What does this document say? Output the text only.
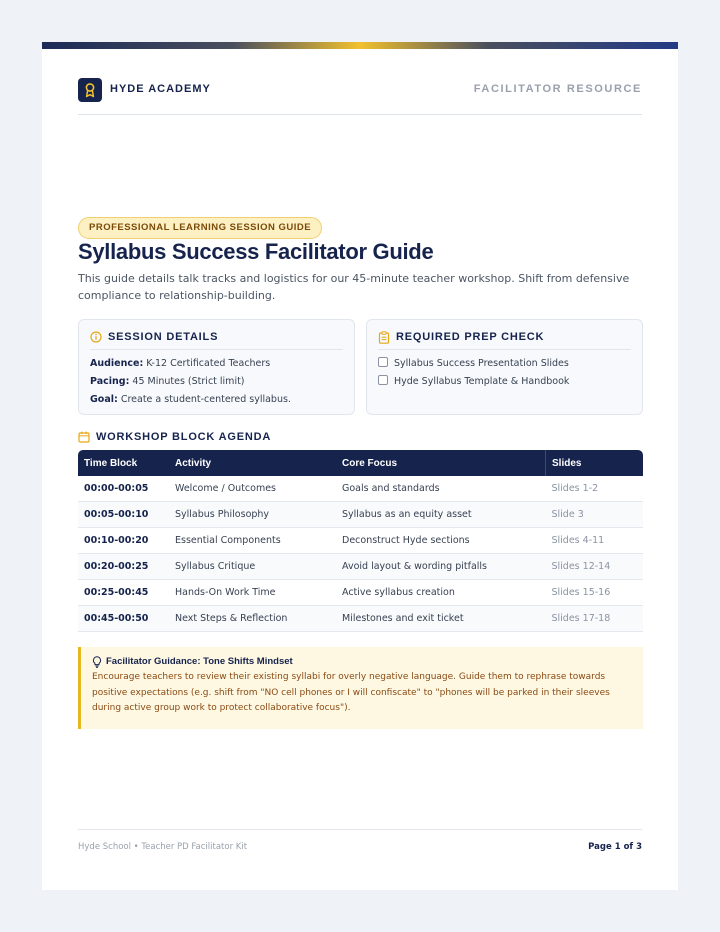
HYDE ACADEMY	FACILITATOR RESOURCE
PROFESSIONAL LEARNING SESSION GUIDE
Syllabus Success Facilitator Guide

This guide details talk tracks and logistics for our 45-minute teacher workshop. Shift from defensive compliance to relationship-building.

SESSION DETAILS
Audience: K-12 Certificated Teachers
Pacing: 45 Minutes (Strict limit)
Goal: Create a student-centered syllabus.
REQUIRED PREP CHECK
Syllabus Success Presentation Slides
Hyde Syllabus Template & Handbook
WORKSHOP BLOCK AGENDA
Time Block	Activity	Core Focus	Slides
00:00-00:05	Welcome / Outcomes	Goals and standards	Slides 1-2
00:05-00:10	Syllabus Philosophy	Syllabus as an equity asset	Slide 3
00:10-00:20	Essential Components	Deconstruct Hyde sections	Slides 4-11
00:20-00:25	Syllabus Critique	Avoid layout & wording pitfalls	Slides 12-14
00:25-00:45	Hands-On Work Time	Active syllabus creation	Slides 15-16
00:45-00:50	Next Steps & Reflection	Milestones and exit ticket	Slides 17-18
Facilitator Guidance: Tone Shifts Mindset

Encourage teachers to review their existing syllabi for overly negative language. Guide them to rephrase towards positive expectations (e.g. shift from "NO cell phones or I will confiscate" to "phones will be parked in their sleeves during active group work to protect collaborative focus").

Hyde School • Teacher PD Facilitator Kit	Page 1 of 3
